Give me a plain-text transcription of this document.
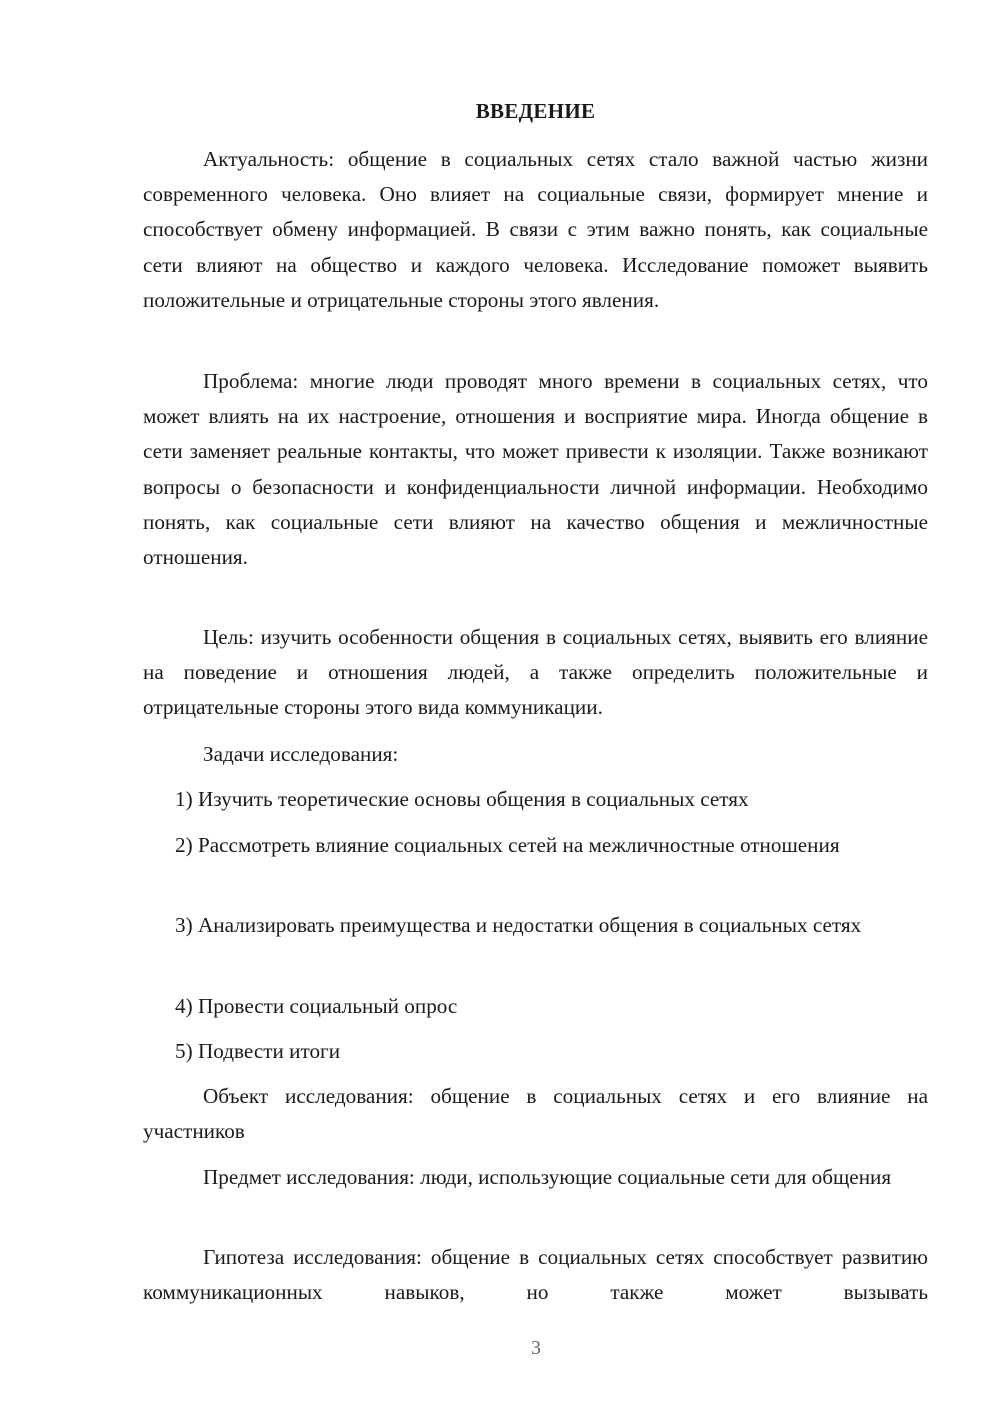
ВВЕДЕНИЕ

Актуальность: общение в социальных сетях стало важной частью жизни современного человека. Оно влияет на социальные связи, формирует мнение и способствует обмену информацией. В связи с этим важно понять, как социальные сети влияют на общество и каждого человека. Исследование поможет выявить положительные и отрицательные стороны этого явления.

Проблема: многие люди проводят много времени в социальных сетях, что может влиять на их настроение, отношения и восприятие мира. Иногда общение в сети заменяет реальные контакты, что может привести к изоляции. Также возникают вопросы о безопасности и конфиденциальности личной информации. Необходимо понять, как социальные сети влияют на качество общения и межличностные отношения.

Цель: изучить особенности общения в социальных сетях, выявить его влияние на поведение и отношения людей, а также определить положительные и отрицательные стороны этого вида коммуникации.

Задачи исследования:

1) Изучить теоретические основы общения в социальных сетях

2) Рассмотреть влияние социальных сетей на межличностные отношения

3) Анализировать преимущества и недостатки общения в социальных сетях

4) Провести социальный опрос

5) Подвести итоги

Объект исследования: общение в социальных сетях и его влияние на участников

Предмет исследования: люди, использующие социальные сети для общения

Гипотеза исследования: общение в социальных сетях способствует развитию коммуникационных навыков, но также может вызывать

3
